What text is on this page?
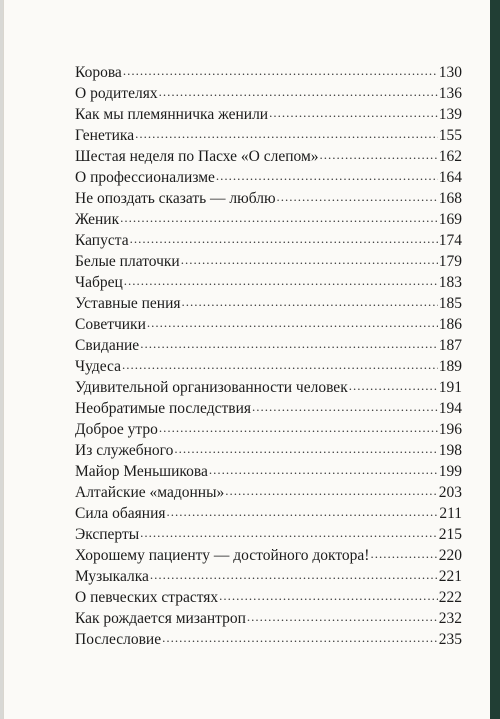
Корова .....	130
О родителях .....	136
Как мы племянничка женили .....	139
Генетика .....	155
Шестая неделя по Пасхе «О слепом» .....	162
О профессионализме .....	164
Не опоздать сказать — люблю .....	168
Женик .....	169
Капуста .....	174
Белые платочки .....	179
Чабрец .....	183
Уставные пения .....	185
Советчики .....	186
Свидание .....	187
Чудеса .....	189
Удивительной организованности человек .....	191
Необратимые последствия .....	194
Доброе утро .....	196
Из служебного .....	198
Майор Меньшикова .....	199
Алтайские «мадонны» .....	203
Сила обаяния .....	211
Эксперты .....	215
Хорошему пациенту — достойного доктора! .....	220
Музыкалка .....	221
О певческих страстях .....	222
Как рождается мизантроп .....	232
Послесловие .....	235
